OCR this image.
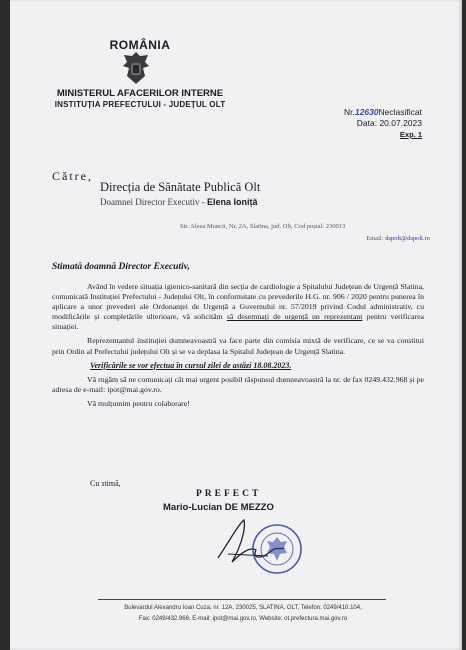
ROMÂNIA
MINISTERUL AFACERILOR INTERNE
INSTITUȚIA PREFECTULUI - JUDEȚUL OLT
Nr.12630Neclasificat
Data: 20.07.2023
Exp. 1
Către,
Direcția de Sănătate Publică Olt
Doamnei Director Executiv - Elena Ioniță
Str. Aleea Muncii, Nr. 2A, Slatina, jud. Olt, Cod poștal: 230013
Email: dspolt@dspolt.ro
Stimată doamnă Director Executiv,

Având în vedere situația igienico-sanitară din secția de cardiologie a Spitalului Județean de Urgență Slatina, comunicată Instituției Prefectului - Județului Olt, în conformitate cu prevederile H.G. nr. 906 / 2020 pentru punerea în aplicare a unor prevederi ale Ordonanței de Urgență a Guvernului nr. 57/2019 privind Codul administrativ, cu modificările și completările ulterioare, vă solicităm să desemnați de urgență un reprezentant pentru verificarea situației.

Reprezentantul instituției dumneavoastră va face parte din comisia mixtă de verificare, ce se va constitui prin Ordin al Prefectului județului Olt și se va deplasa la Spitalul Județean de Urgență Slatina.

Verificările se vor efectua în cursul zilei de astăzi 18.08.2023.

Vă rugăm să ne comunicați cât mai urgent posibil răspunsul dumneavoastră la nr. de fax 0249.432.968 și pe adresa de e-mail: ipot@mai.gov.ro.

Vă mulțumim pentru colaborare!

Cu stimă,
PREFECT
Mario-Lucian DE MEZZO
Bulevardul Alexandru Ioan Cuza, nr. 12A, 230025, SLATINA, OLT, Telefon: 0249/410.104,
Fax: 0249/432.968, E-mail: ipot@mai.gov.ro, Website: ot.prefectura.mai.gov.ro
